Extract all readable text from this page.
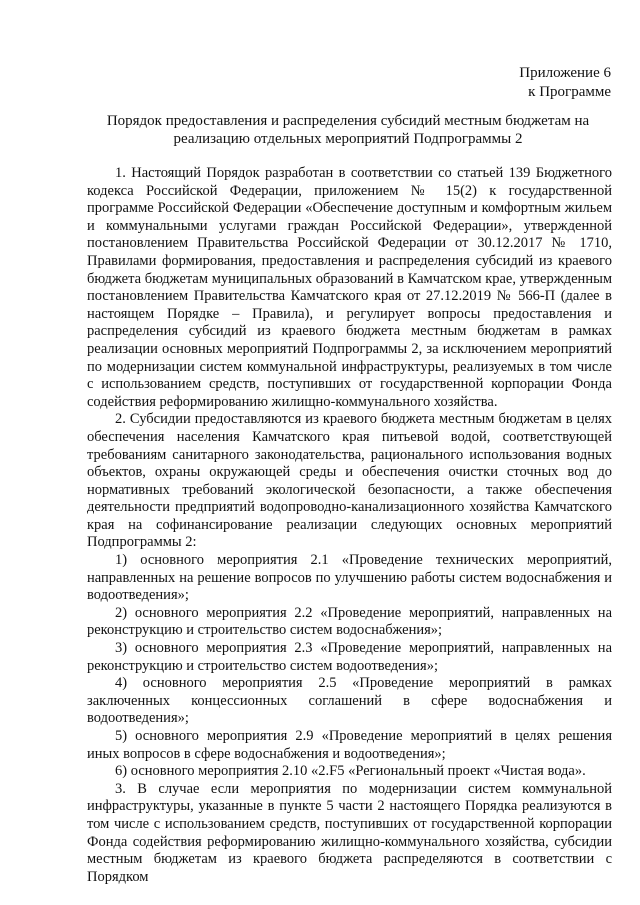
Приложение 6
к Программе
Порядок предоставления и распределения субсидий местным бюджетам на
реализацию отдельных мероприятий Подпрограммы 2

1. Настоящий Порядок разработан в соответствии со статьей 139 Бюджетного кодекса Российской Федерации, приложением № 15(2) к государственной программе Российской Федерации «Обеспечение доступным и комфортным жильем и коммунальными услугами граждан Российской Федерации», утвержденной постановлением Правительства Российской Федерации от 30.12.2017 № 1710, Правилами формирования, предоставления и распределения субсидий из краевого бюджета бюджетам муниципальных образований в Камчатском крае, утвержденным постановлением Правительства Камчатского края от 27.12.2019 № 566-П (далее в настоящем Порядке – Правила), и регулирует вопросы предоставления и распределения субсидий из краевого бюджета местным бюджетам в рамках реализации основных мероприятий Подпрограммы 2, за исключением мероприятий по модернизации систем коммунальной инфраструктуры, реализуемых в том числе с использованием средств, поступивших от государственной корпорации Фонда содействия реформированию жилищно-коммунального хозяйства.

2. Субсидии предоставляются из краевого бюджета местным бюджетам в целях обеспечения населения Камчатского края питьевой водой, соответствующей требованиям санитарного законодательства, рационального использования водных объектов, охраны окружающей среды и обеспечения очистки сточных вод до нормативных требований экологической безопасности, а также обеспечения деятельности предприятий водопроводно-канализационного хозяйства Камчатского края на софинансирование реализации следующих основных мероприятий Подпрограммы 2:

1) основного мероприятия 2.1 «Проведение технических мероприятий, направленных на решение вопросов по улучшению работы систем водоснабжения и водоотведения»;

2) основного мероприятия 2.2 «Проведение мероприятий, направленных на реконструкцию и строительство систем водоснабжения»;

3) основного мероприятия 2.3 «Проведение мероприятий, направленных на реконструкцию и строительство систем водоотведения»;

4) основного мероприятия 2.5 «Проведение мероприятий в рамках заключенных концессионных соглашений в сфере водоснабжения и водоотведения»;

5) основного мероприятия 2.9 «Проведение мероприятий в целях решения иных вопросов в сфере водоснабжения и водоотведения»;

6) основного мероприятия 2.10 «2.F5 «Региональный проект «Чистая вода».

3. В случае если мероприятия по модернизации систем коммунальной инфраструктуры, указанные в пункте 5 части 2 настоящего Порядка реализуются в том числе с использованием средств, поступивших от государственной корпорации Фонда содействия реформированию жилищно-коммунального хозяйства, субсидии местным бюджетам из краевого бюджета распределяются в соответствии с Порядком
